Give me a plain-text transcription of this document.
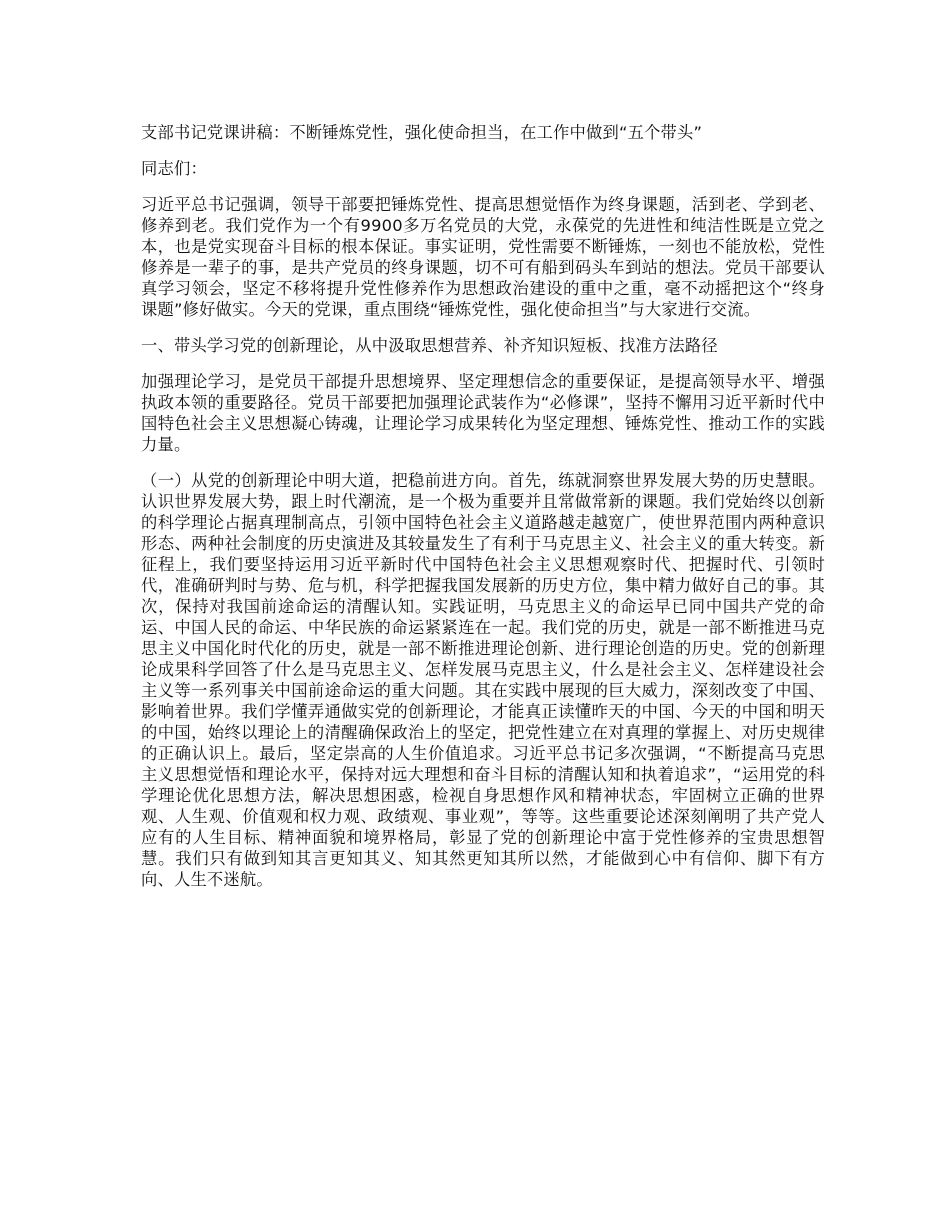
支部书记党课讲稿：不断锤炼党性，强化使命担当，在工作中做到“五个带头”

同志们：

习近平总书记强调，领导干部要把锤炼党性、提高思想觉悟作为终身课题，活到老、学到老、修养到老。我们党作为一个有9900多万名党员的大党，永葆党的先进性和纯洁性既是立党之本，也是党实现奋斗目标的根本保证。事实证明，党性需要不断锤炼，一刻也不能放松，党性修养是一辈子的事，是共产党员的终身课题，切不可有船到码头车到站的想法。党员干部要认真学习领会，坚定不移将提升党性修养作为思想政治建设的重中之重，毫不动摇把这个“终身课题”修好做实。今天的党课，重点围绕“锤炼党性，强化使命担当”与大家进行交流。

一、带头学习党的创新理论，从中汲取思想营养、补齐知识短板、找准方法路径

加强理论学习，是党员干部提升思想境界、坚定理想信念的重要保证，是提高领导水平、增强执政本领的重要路径。党员干部要把加强理论武装作为“必修课”，坚持不懈用习近平新时代中国特色社会主义思想凝心铸魂，让理论学习成果转化为坚定理想、锤炼党性、推动工作的实践力量。

（一）从党的创新理论中明大道，把稳前进方向。首先，练就洞察世界发展大势的历史慧眼。认识世界发展大势，跟上时代潮流，是一个极为重要并且常做常新的课题。我们党始终以创新的科学理论占据真理制高点，引领中国特色社会主义道路越走越宽广，使世界范围内两种意识形态、两种社会制度的历史演进及其较量发生了有利于马克思主义、社会主义的重大转变。新征程上，我们要坚持运用习近平新时代中国特色社会主义思想观察时代、把握时代、引领时代，准确研判时与势、危与机，科学把握我国发展新的历史方位，集中精力做好自己的事。其次，保持对我国前途命运的清醒认知。实践证明，马克思主义的命运早已同中国共产党的命运、中国人民的命运、中华民族的命运紧紧连在一起。我们党的历史，就是一部不断推进马克思主义中国化时代化的历史，就是一部不断推进理论创新、进行理论创造的历史。党的创新理论成果科学回答了什么是马克思主义、怎样发展马克思主义，什么是社会主义、怎样建设社会主义等一系列事关中国前途命运的重大问题。其在实践中展现的巨大威力，深刻改变了中国、影响着世界。我们学懂弄通做实党的创新理论，才能真正读懂昨天的中国、今天的中国和明天的中国，始终以理论上的清醒确保政治上的坚定，把党性建立在对真理的掌握上、对历史规律的正确认识上。最后，坚定崇高的人生价值追求。习近平总书记多次强调，“不断提高马克思主义思想觉悟和理论水平，保持对远大理想和奋斗目标的清醒认知和执着追求”，“运用党的科学理论优化思想方法，解决思想困惑，检视自身思想作风和精神状态，牢固树立正确的世界观、人生观、价值观和权力观、政绩观、事业观”，等等。这些重要论述深刻阐明了共产党人应有的人生目标、精神面貌和境界格局，彰显了党的创新理论中富于党性修养的宝贵思想智慧。我们只有做到知其言更知其义、知其然更知其所以然，才能做到心中有信仰、脚下有方向、人生不迷航。
